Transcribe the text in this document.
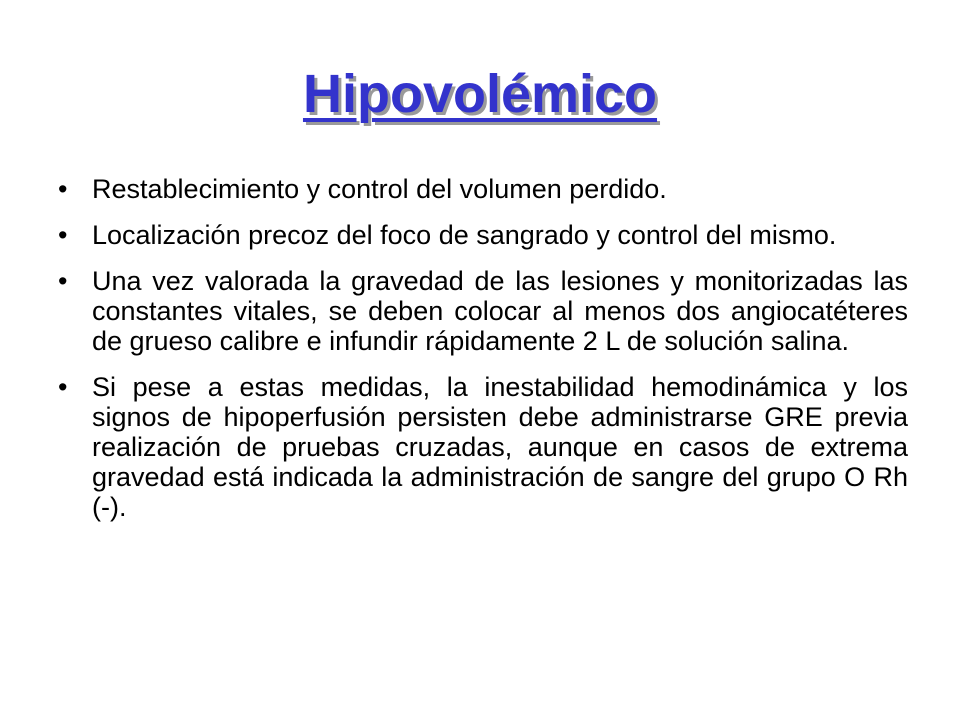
Hipovolémico
• Restablecimiento y control del volumen perdido.
• Localización precoz del foco de sangrado y control del mismo.
• Una vez valorada la gravedad de las lesiones y monitorizadas las constantes vitales, se deben colocar al menos dos angiocatéteres de grueso calibre e infundir rápidamente 2 L de solución salina.
• Si pese a estas medidas, la inestabilidad hemodinámica y los signos de hipoperfusión persisten debe administrarse GRE previa realización de pruebas cruzadas, aunque en casos de extrema gravedad está indicada la administración de sangre del grupo O Rh (-).
